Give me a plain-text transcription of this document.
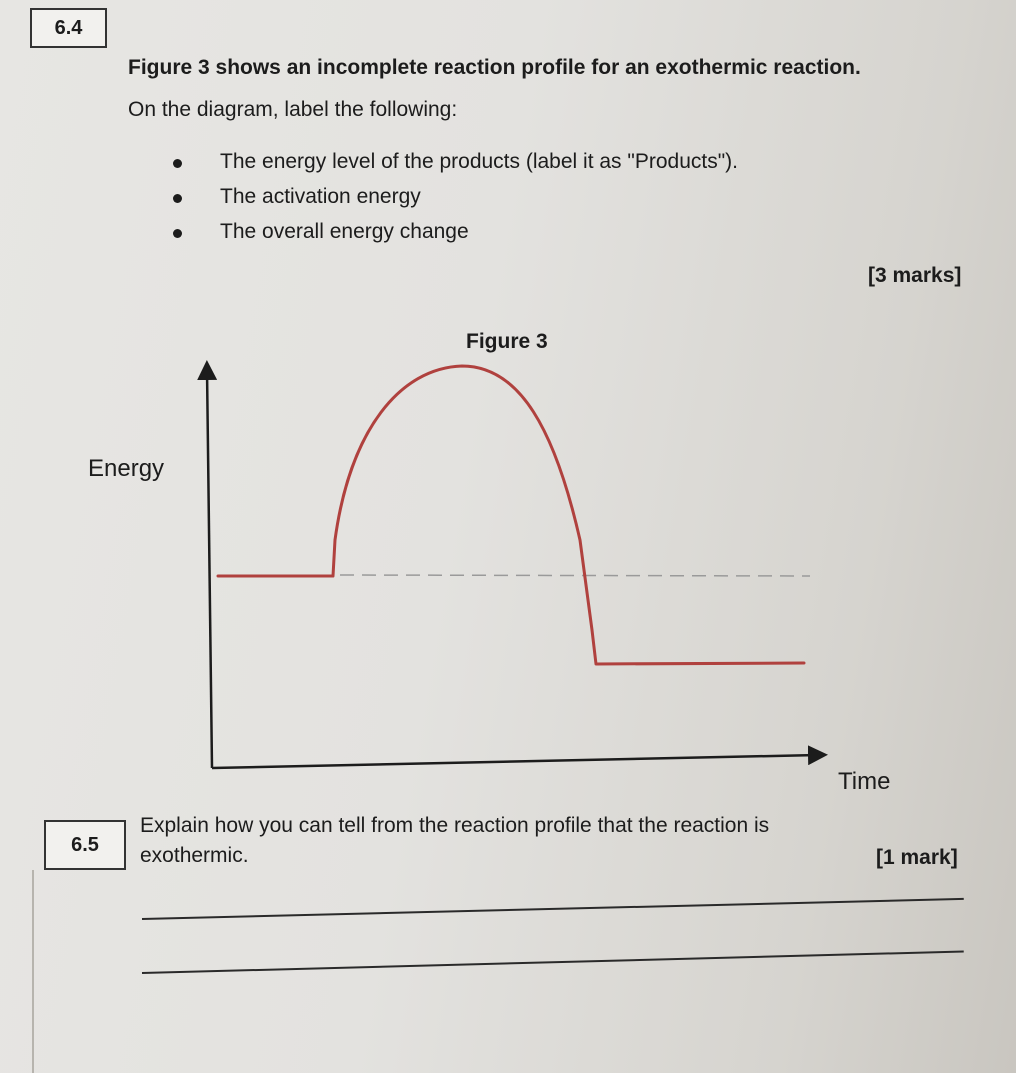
6.4
Figure 3 shows an incomplete reaction profile for an exothermic reaction.
On the diagram, label the following:
The energy level of the products (label it as "Products").
The activation energy
The overall energy change
[3 marks]
Figure 3
Energy
Time
6.5
Explain how you can tell from the reaction profile that the reaction is
exothermic.	[1 mark]
